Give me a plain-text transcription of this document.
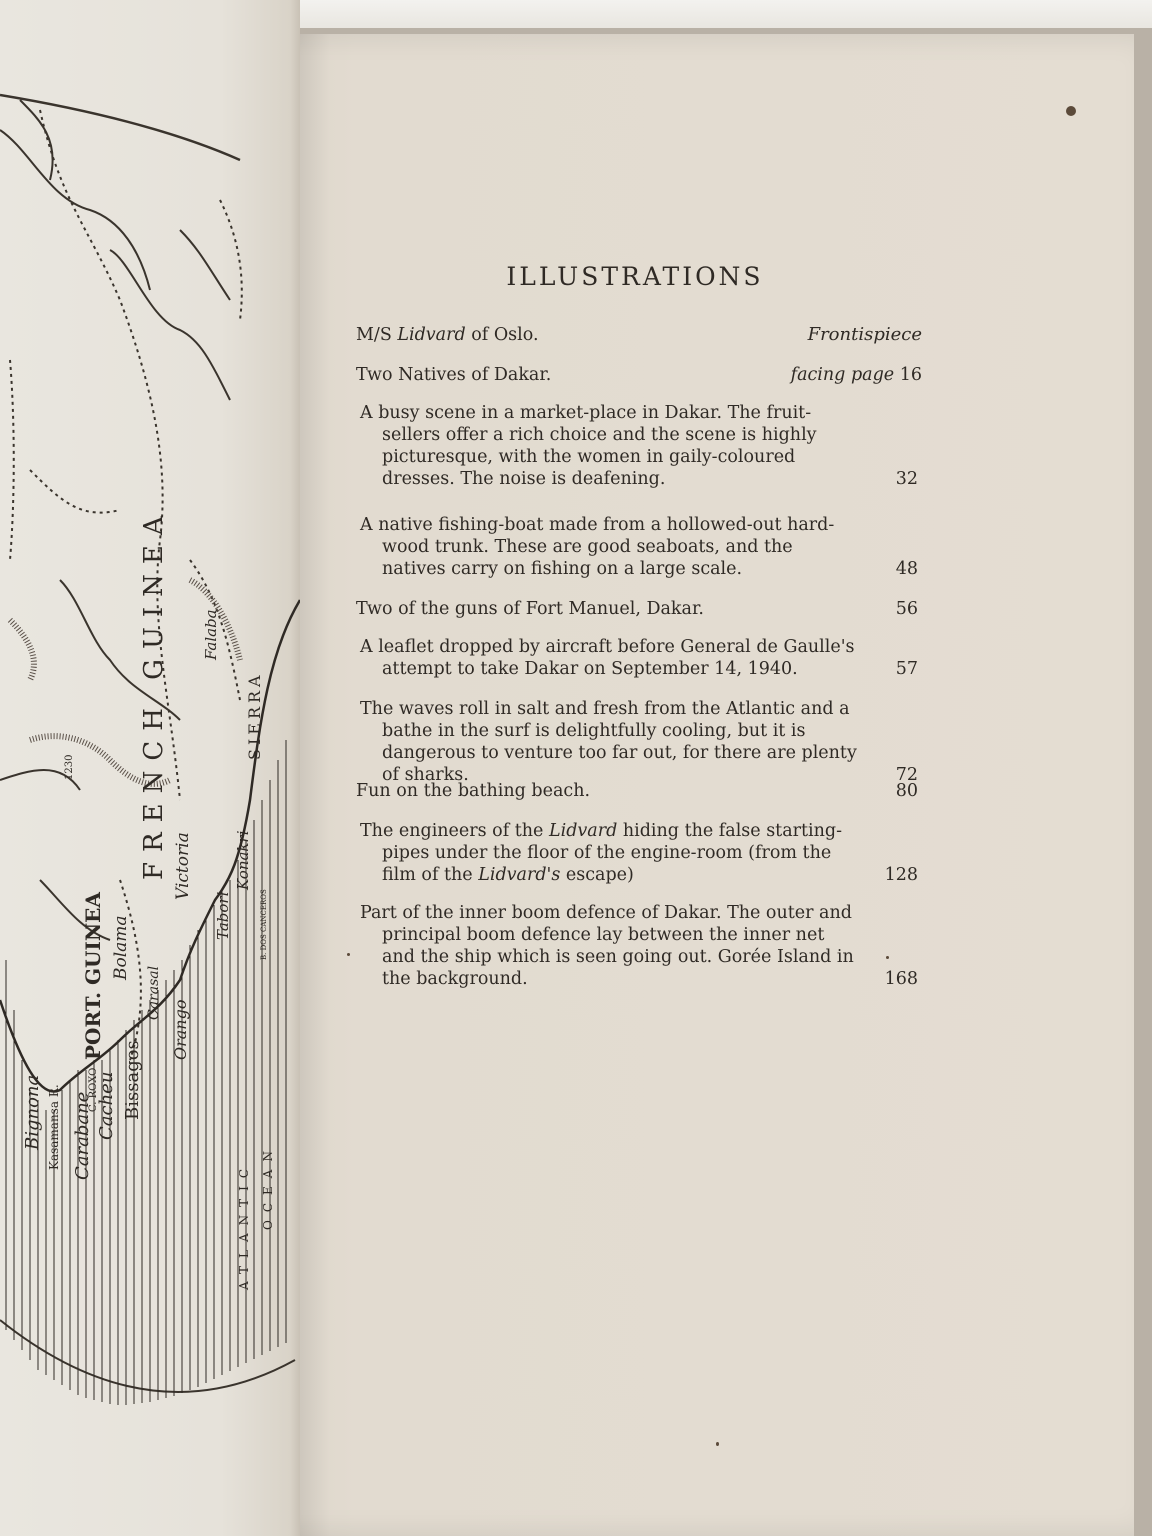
FRENCH GUINEA
PORT. GUINEA
ATLANTIC OCEAN
SIERRA
Victoria
Orango
Bolama
Bissagos
Cacheu
Carabane
Bignona Kasamansa R.	C. ROXO
Konakri
Tabori
Falaba
1230
Carasal
B. DOS CANCEROS
ILLUSTRATIONS
M/S Lidvard of Oslo.	Frontispiece
Two Natives of Dakar.	facing page 16
A busy scene in a market-place in Dakar. The fruit-sellers offer a rich choice and the scene is highly picturesque, with the women in gaily-coloured dresses. The noise is deafening.	32
A native fishing-boat made from a hollowed-out hard-wood trunk. These are good seaboats, and the natives carry on fishing on a large scale.	48
Two of the guns of Fort Manuel, Dakar.	56
A leaflet dropped by aircraft before General de Gaulle's attempt to take Dakar on September 14, 1940.	57
The waves roll in salt and fresh from the Atlantic and a bathe in the surf is delightfully cooling, but it is dangerous to venture too far out, for there are plenty of sharks.	72
Fun on the bathing beach.	80
The engineers of the Lidvard hiding the false starting-pipes under the floor of the engine-room (from the film of the Lidvard's escape)	128
Part of the inner boom defence of Dakar. The outer and principal boom defence lay between the inner net and the ship which is seen going out. Gorée Island in the background.	168
